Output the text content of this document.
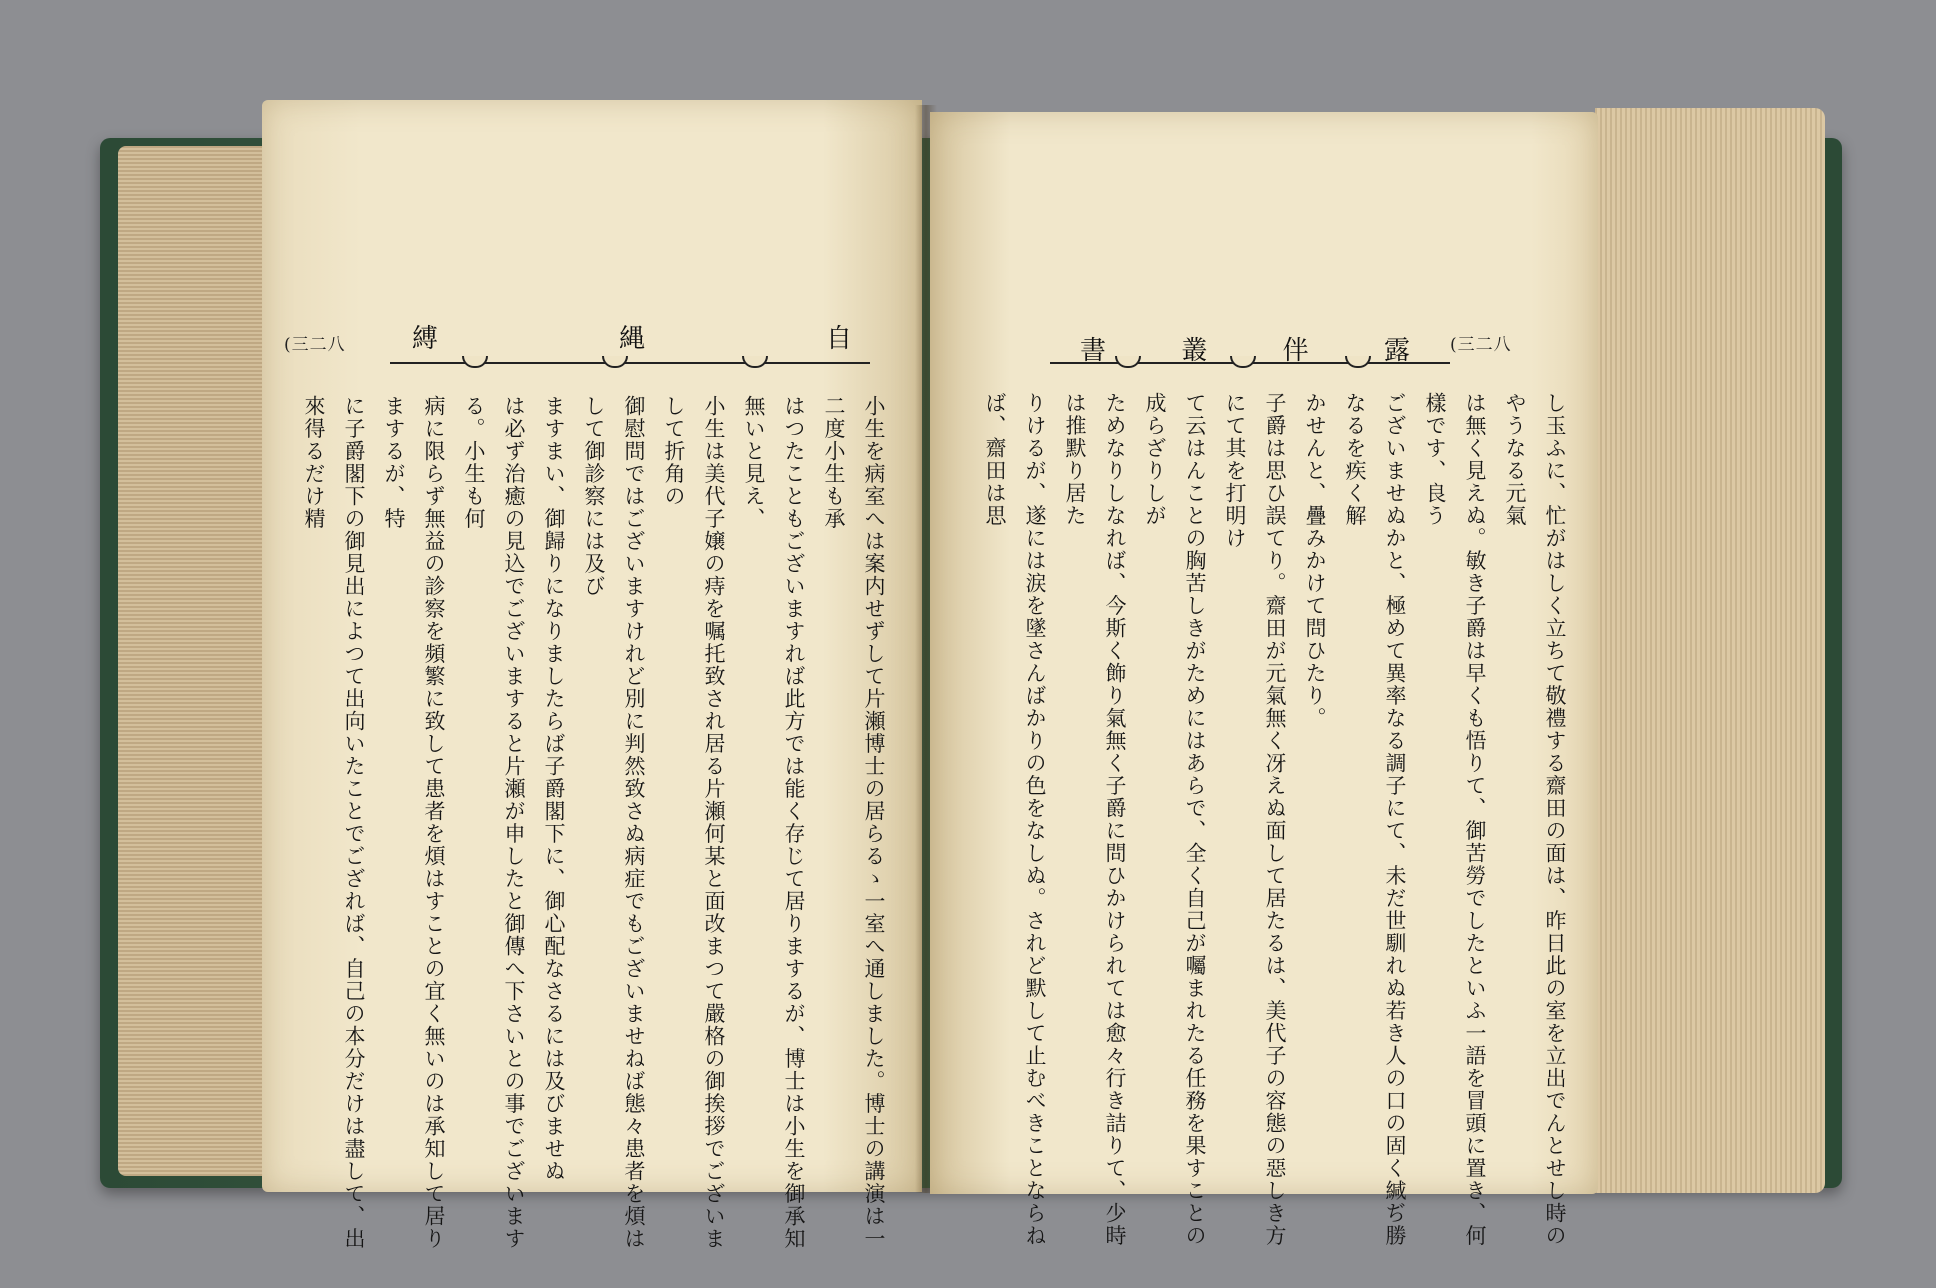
(三二八	縛	縄	自

小生を病室へは案内せずして片瀬博士の居らるゝ一室へ通しました。博士の講演は一二度小生も承

はつたこともございますれば此方では能く存じて居りまするが、博士は小生を御承知無いと見え、

小生は美代子嬢の痔を嘱托致され居る片瀬何某と面改まつて嚴格の御挨拶でございまして折角の

御慰問ではございますけれど別に判然致さぬ病症でもございませねば態々患者を煩はして御診察には及び

ますまい、御歸りになりましたらば子爵閣下に、御心配なさるには及びませぬ

は必ず治癒の見込でございますると片瀬が申したと御傳へ下さいとの事でございまする。小生も何

病に限らず無益の診察を頻繁に致して患者を煩はすことの宜く無いのは承知して居りまするが、特

に子爵閣下の御見出によつて出向いたことでござれば、自己の本分だけは盡して、出來得るだけ精

書	叢	伴	露 (三二八

し玉ふに、忙がはしく立ちて敬禮する齋田の面は、昨日此の室を立出でんとせし時のやうなる元氣

は無く見えぬ。敏き子爵は早くも悟りて、御苦勞でしたといふ一語を冒頭に置き、何樣です、良う

ございませぬかと、極めて異率なる調子にて、未だ世馴れぬ若き人の口の固く緘ぢ勝なるを疾く解

かせんと、疊みかけて問ひたり。

子爵は思ひ誤てり。齋田が元氣無く冴えぬ面して居たるは、美代子の容態の惡しき方にて其を打明け

て云はんことの胸苦しきがためにはあらで、全く自己が囑まれたる任務を果すことの成らざりしが

ためなりしなれば、今斯く飾り氣無く子爵に問ひかけられては愈々行き詰りて、少時は推默り居た

りけるが、遂には涙を墜さんばかりの色をなしぬ。されど默して止むべきことならねば、齋田は思
